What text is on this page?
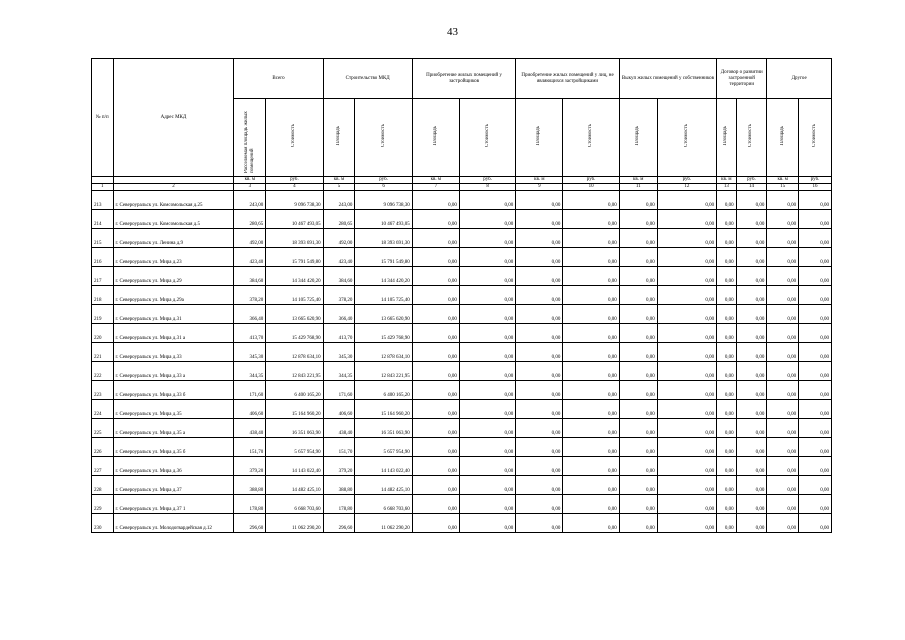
43
№ п/п	Адрес МКД	Всего		Строительство МКД		Приобретение жилых помещений у застройщиков		Приобретение жилых помещений у лиц, не являющихся застройщиками		Выкуп жилых помещений у собственников		Договор о развитии застроенной территории		Другое	
		Расселяемая площадь жилых помещений	Стоимость	Площадь	Стоимость	Площадь	Стоимость	Площадь	Стоимость	Площадь	Стоимость	Площадь	Стоимость	Площадь	Стоимость
		кв. м	руб.	кв. м	руб.	кв. м	руб.	кв. м	руб.	кв. м	руб.	кв. м	руб.	кв. м	руб.
1	2	3	4	5	6	7	8	9	10	11	12	13	14	15	16
213	г. Североуральск ул. Комсомольская д.25	243,00	9 096 738,30	243,00	9 096 738,30	0,00	0,00	0,00	0,00	0,00	0,00	0,00	0,00	0,00	0,00
214	г. Североуральск ул. Комсомольская д.5	280,65	10 467 493,05	280,65	10 467 493,05	0,00	0,00	0,00	0,00	0,00	0,00	0,00	0,00	0,00	0,00
215	г. Североуральск ул. Ленина д.9	492,00	18 393 691,30	492,00	18 393 691,30	0,00	0,00	0,00	0,00	0,00	0,00	0,00	0,00	0,00	0,00
216	г. Североуральск ул. Мира д.23	423,40	15 791 549,80	423,40	15 791 549,80	0,00	0,00	0,00	0,00	0,00	0,00	0,00	0,00	0,00	0,00
217	г. Североуральск ул. Мира д.29	384,60	14 344 420,20	384,60	14 344 420,20	0,00	0,00	0,00	0,00	0,00	0,00	0,00	0,00	0,00	0,00
218	г. Североуральск ул. Мира д.29а	378,20	14 105 725,40	378,20	14 105 725,40	0,00	0,00	0,00	0,00	0,00	0,00	0,00	0,00	0,00	0,00
219	г. Североуральск ул. Мира д.31	366,40	13 665 620,90	366,40	13 665 620,90	0,00	0,00	0,00	0,00	0,00	0,00	0,00	0,00	0,00	0,00
220	г. Североуральск ул. Мира д.31 а	413,70	15 429 768,90	413,70	15 429 768,90	0,00	0,00	0,00	0,00	0,00	0,00	0,00	0,00	0,00	0,00
221	г. Североуральск ул. Мира д.33	345,30	12 878 634,10	345,30	12 878 634,10	0,00	0,00	0,00	0,00	0,00	0,00	0,00	0,00	0,00	0,00
222	г. Североуральск ул. Мира д.33 а	344,35	12 843 221,95	344,35	12 843 221,95	0,00	0,00	0,00	0,00	0,00	0,00	0,00	0,00	0,00	0,00
223	г. Североуральск ул. Мира д.33 б	171,60	6 400 165,20	171,60	6 400 165,20	0,00	0,00	0,00	0,00	0,00	0,00	0,00	0,00	0,00	0,00
224	г. Североуральск ул. Мира д.35	406,60	15 164 960,20	406,60	15 164 960,20	0,00	0,00	0,00	0,00	0,00	0,00	0,00	0,00	0,00	0,00
225	г. Североуральск ул. Мира д.35 а	438,40	16 351 063,90	438,40	16 351 063,90	0,00	0,00	0,00	0,00	0,00	0,00	0,00	0,00	0,00	0,00
226	г. Североуральск ул. Мира д.35 б	151,70	5 657 954,90	151,70	5 657 954,90	0,00	0,00	0,00	0,00	0,00	0,00	0,00	0,00	0,00	0,00
227	г. Североуральск ул. Мира д.36	379,20	14 143 022,40	379,20	14 143 022,40	0,00	0,00	0,00	0,00	0,00	0,00	0,00	0,00	0,00	0,00
228	г. Североуральск ул. Мира д.37	388,80	14 482 425,10	388,80	14 482 425,10	0,00	0,00	0,00	0,00	0,00	0,00	0,00	0,00	0,00	0,00
229	г. Североуральск ул. Мира д.37 1	178,80	6 668 703,60	178,80	6 668 703,60	0,00	0,00	0,00	0,00	0,00	0,00	0,00	0,00	0,00	0,00
230	г. Североуральск ул. Молодогвардейская д.12	296,60	11 062 290,20	296,60	11 062 290,20	0,00	0,00	0,00	0,00	0,00	0,00	0,00	0,00	0,00	0,00
